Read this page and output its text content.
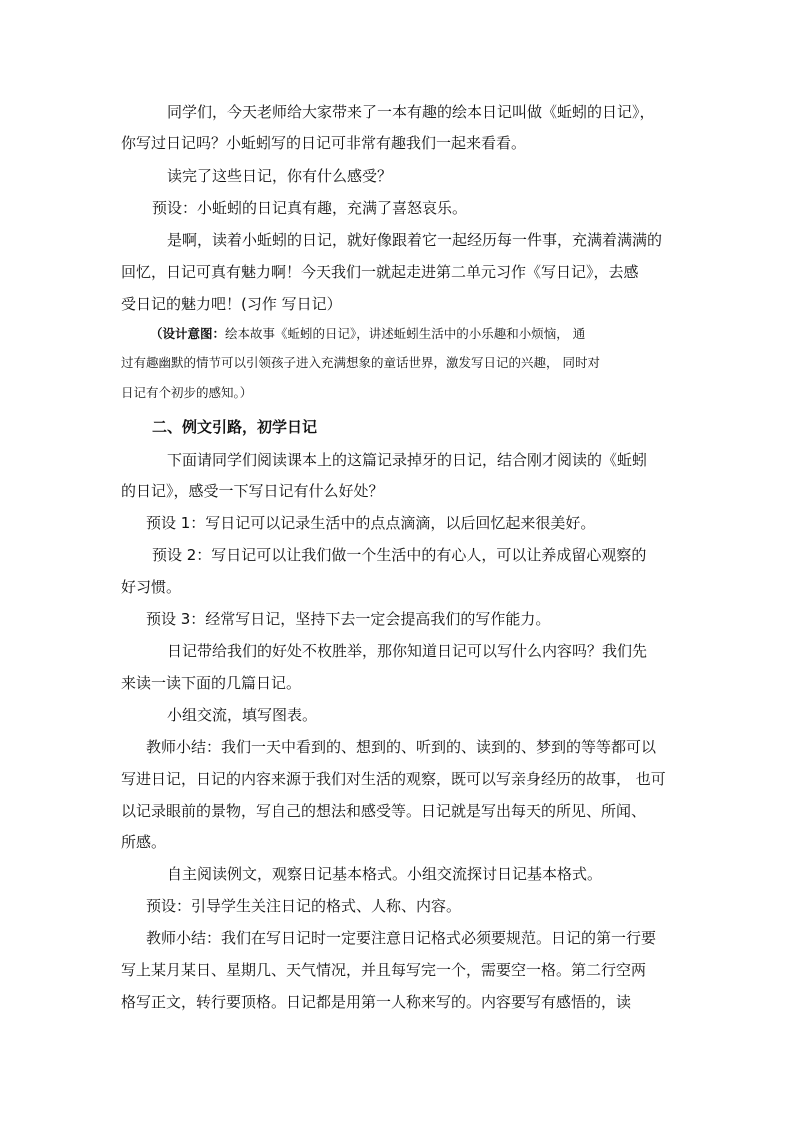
同学们，今天老师给大家带来了一本有趣的绘本日记叫做《蚯蚓的日记》，
你写过日记吗？小蚯蚓写的日记可非常有趣我们一起来看看。
读完了这些日记，你有什么感受？
预设：小蚯蚓的日记真有趣，充满了喜怒哀乐。
是啊，读着小蚯蚓的日记，就好像跟着它一起经历每一件事，充满着满满的
回忆，日记可真有魅力啊！今天我们一就起走进第二单元习作《写日记》，去感
受日记的魅力吧！(习作 写日记）
（设计意图：绘本故事《蚯蚓的日记》，讲述蚯蚓生活中的小乐趣和小烦恼， 通
过有趣幽默的情节可以引领孩子进入充满想象的童话世界，激发写日记的兴趣， 同时对
日记有个初步的感知。）
二、例文引路，初学日记
下面请同学们阅读课本上的这篇记录掉牙的日记，结合刚才阅读的《蚯蚓
的日记》，感受一下写日记有什么好处？
预设 1：写日记可以记录生活中的点点滴滴，以后回忆起来很美好。
预设 2：写日记可以让我们做一个生活中的有心人，可以让养成留心观察的
好习惯。
预设 3：经常写日记，坚持下去一定会提高我们的写作能力。
日记带给我们的好处不枚胜举，那你知道日记可以写什么内容吗？我们先
来读一读下面的几篇日记。
小组交流，填写图表。
教师小结：我们一天中看到的、想到的、听到的、读到的、梦到的等等都可以
写进日记，日记的内容来源于我们对生活的观察，既可以写亲身经历的故事， 也可
以记录眼前的景物，写自己的想法和感受等。日记就是写出每天的所见、所闻、
所感。
自主阅读例文，观察日记基本格式。小组交流探讨日记基本格式。
预设：引导学生关注日记的格式、人称、内容。
教师小结：我们在写日记时一定要注意日记格式必须要规范。日记的第一行要
写上某月某日、星期几、天气情况，并且每写完一个，需要空一格。第二行空两
格写正文，转行要顶格。日记都是用第一人称来写的。内容要写有感悟的，读
